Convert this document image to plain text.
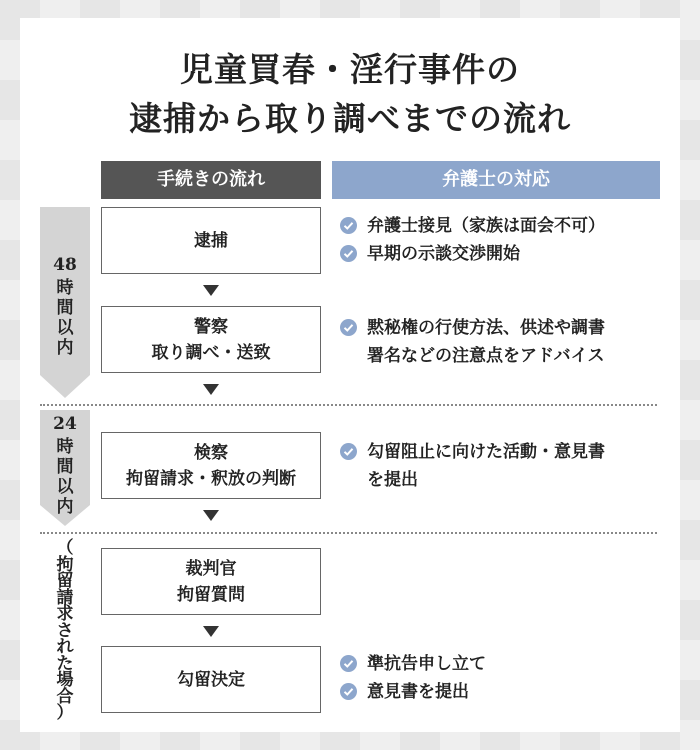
児童買春・淫行事件の
逮捕から取り調べまでの流れ
手続きの流れ	弁護士の対応
48
時
間
以
内
24
時
間
以
内
（
拘
留
請
求
さ
れ
た
場
合
）
逮捕
警察
取り調べ・送致
検察
拘留請求・釈放の判断
裁判官
拘留質問
勾留決定
弁護士接見（家族は面会不可）
早期の示談交渉開始
黙秘権の行使方法、供述や調書
署名などの注意点をアドバイス
勾留阻止に向けた活動・意見書
を提出
準抗告申し立て
意見書を提出
